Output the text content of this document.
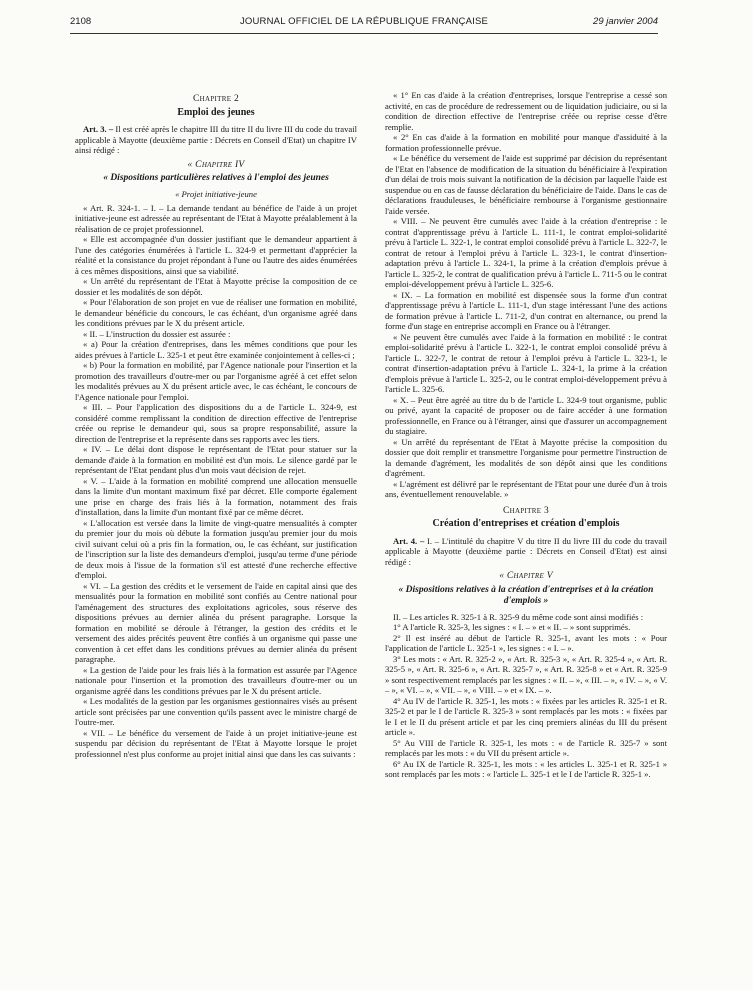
2108	JOURNAL OFFICIEL DE LA RÉPUBLIQUE FRANÇAISE	29 janvier 2004

Chapitre 2

Emploi des jeunes

Art. 3. – Il est créé après le chapitre III du titre II du livre III du code du travail applicable à Mayotte (deuxième partie : Décrets en Conseil d'Etat) un chapitre IV ainsi rédigé :

« Chapitre IV

« Dispositions particulières relatives à l'emploi des jeunes

« Projet initiative-jeune

« Art. R. 324-1. – I. – La demande tendant au bénéfice de l'aide à un projet initiative-jeune est adressée au représentant de l'Etat à Mayotte préalablement à la réalisation de ce projet professionnel.

« Elle est accompagnée d'un dossier justifiant que le demandeur appartient à l'une des catégories énumérées à l'article L. 324-9 et permettant d'apprécier la réalité et la consistance du projet répondant à l'une ou l'autre des aides énumérées à ces mêmes dispositions, ainsi que sa viabilité.

« Un arrêté du représentant de l'Etat à Mayotte précise la composition de ce dossier et les modalités de son dépôt.

« Pour l'élaboration de son projet en vue de réaliser une formation en mobilité, le demandeur bénéficie du concours, le cas échéant, d'un organisme agréé dans les conditions prévues par le X du présent article.

« II. – L'instruction du dossier est assurée :

« a) Pour la création d'entreprises, dans les mêmes conditions que pour les aides prévues à l'article L. 325-1 et peut être examinée conjointement à celles-ci ;

« b) Pour la formation en mobilité, par l'Agence nationale pour l'insertion et la promotion des travailleurs d'outre-mer ou par l'organisme agréé à cet effet selon les modalités prévues au X du présent article avec, le cas échéant, le concours de l'Agence nationale pour l'emploi.

« III. – Pour l'application des dispositions du a de l'article L. 324-9, est considéré comme remplissant la condition de direction effective de l'entreprise créée ou reprise le demandeur qui, sous sa propre responsabilité, assure la direction de l'entreprise et la représente dans ses rapports avec les tiers.

« IV. – Le délai dont dispose le représentant de l'Etat pour statuer sur la demande d'aide à la formation en mobilité est d'un mois. Le silence gardé par le représentant de l'Etat pendant plus d'un mois vaut décision de rejet.

« V. – L'aide à la formation en mobilité comprend une allocation mensuelle dans la limite d'un montant maximum fixé par décret. Elle comporte également une prise en charge des frais liés à la formation, notamment des frais d'installation, dans la limite d'un montant fixé par ce même décret.

« L'allocation est versée dans la limite de vingt-quatre mensualités à compter du premier jour du mois où débute la formation jusqu'au premier jour du mois civil suivant celui où a pris fin la formation, ou, le cas échéant, sur justification de l'inscription sur la liste des demandeurs d'emploi, jusqu'au terme d'une période de deux mois à l'issue de la formation s'il est attesté d'une recherche effective d'emploi.

« VI. – La gestion des crédits et le versement de l'aide en capital ainsi que des mensualités pour la formation en mobilité sont confiés au Centre national pour l'aménagement des structures des exploitations agricoles, sous réserve des dispositions prévues au dernier alinéa du présent paragraphe. Lorsque la formation en mobilité se déroule à l'étranger, la gestion des crédits et le versement des aides précités peuvent être confiés à un organisme qui passe une convention à cet effet dans les conditions prévues au dernier alinéa du présent paragraphe.

« La gestion de l'aide pour les frais liés à la formation est assurée par l'Agence nationale pour l'insertion et la promotion des travailleurs d'outre-mer ou un organisme agréé dans les conditions prévues par le X du présent article.

« Les modalités de la gestion par les organismes gestionnaires visés au présent article sont précisées par une convention qu'ils passent avec le ministre chargé de l'outre-mer.

« VII. – Le bénéfice du versement de l'aide à un projet initiative-jeune est suspendu par décision du représentant de l'Etat à Mayotte lorsque le projet professionnel n'est plus conforme au projet initial ainsi que dans les cas suivants :

« 1° En cas d'aide à la création d'entreprises, lorsque l'entreprise a cessé son activité, en cas de procédure de redressement ou de liquidation judiciaire, ou si la condition de direction effective de l'entreprise créée ou reprise cesse d'être remplie.

« 2° En cas d'aide à la formation en mobilité pour manque d'assiduité à la formation professionnelle prévue.

« Le bénéfice du versement de l'aide est supprimé par décision du représentant de l'Etat en l'absence de modification de la situation du bénéficiaire à l'expiration d'un délai de trois mois suivant la notification de la décision par laquelle l'aide est suspendue ou en cas de fausse déclaration du bénéficiaire de l'aide. Dans le cas de déclarations frauduleuses, le bénéficiaire rembourse à l'organisme gestionnaire l'aide versée.

« VIII. – Ne peuvent être cumulés avec l'aide à la création d'entreprise : le contrat d'apprentissage prévu à l'article L. 111-1, le contrat emploi-solidarité prévu à l'article L. 322-1, le contrat emploi consolidé prévu à l'article L. 322-7, le contrat de retour à l'emploi prévu à l'article L. 323-1, le contrat d'insertion-adaptation prévu à l'article L. 324-1, la prime à la création d'emplois prévue à l'article L. 325-2, le contrat de qualification prévu à l'article L. 711-5 ou le contrat emploi-développement prévu à l'article L. 325-6.

« IX. – La formation en mobilité est dispensée sous la forme d'un contrat d'apprentissage prévu à l'article L. 111-1, d'un stage intéressant l'une des actions de formation prévue à l'article L. 711-2, d'un contrat en alternance, ou prend la forme d'un stage en entreprise accompli en France ou à l'étranger.

« Ne peuvent être cumulés avec l'aide à la formation en mobilité : le contrat emploi-solidarité prévu à l'article L. 322-1, le contrat emploi consolidé prévu à l'article L. 322-7, le contrat de retour à l'emploi prévu à l'article L. 323-1, le contrat d'insertion-adaptation prévu à l'article L. 324-1, la prime à la création d'emplois prévue à l'article L. 325-2, ou le contrat emploi-développement prévu à l'article L. 325-6.

« X. – Peut être agréé au titre du b de l'article L. 324-9 tout organisme, public ou privé, ayant la capacité de proposer ou de faire accéder à une formation professionnelle, en France ou à l'étranger, ainsi que d'assurer un accompagnement du stagiaire.

« Un arrêté du représentant de l'Etat à Mayotte précise la composition du dossier que doit remplir et transmettre l'organisme pour permettre l'instruction de la demande d'agrément, les modalités de son dépôt ainsi que les conditions d'agrément.

« L'agrément est délivré par le représentant de l'Etat pour une durée d'un à trois ans, éventuellement renouvelable. »

Chapitre 3

Création d'entreprises et création d'emplois

Art. 4. – I. – L'intitulé du chapitre V du titre II du livre III du code du travail applicable à Mayotte (deuxième partie : Décrets en Conseil d'Etat) est ainsi rédigé :

« Chapitre V

« Dispositions relatives à la création d'entreprises et à la création d'emplois »

II. – Les articles R. 325-1 à R. 325-9 du même code sont ainsi modifiés :

1° A l'article R. 325-3, les signes : « I. – » et « II. – » sont supprimés.

2° Il est inséré au début de l'article R. 325-1, avant les mots : « Pour l'application de l'article L. 325-1 », les signes : « I. – ».

3° Les mots : « Art. R. 325-2 », « Art. R. 325-3 », « Art. R. 325-4 », « Art. R. 325-5 », « Art. R. 325-6 », « Art. R. 325-7 », « Art. R. 325-8 » et « Art. R. 325-9 » sont respectivement remplacés par les signes : « II. – », « III. – », « IV. – », « V. – », « VI. – », « VII. – », « VIII. – » et « IX. – ».

4° Au IV de l'article R. 325-1, les mots : « fixées par les articles R. 325-1 et R. 325-2 et par le I de l'article R. 325-3 » sont remplacés par les mots : « fixées par le I et le II du présent article et par les cinq premiers alinéas du III du présent article ».

5° Au VIII de l'article R. 325-1, les mots : « de l'article R. 325-7 » sont remplacés par les mots : « du VII du présent article ».

6° Au IX de l'article R. 325-1, les mots : « les articles L. 325-1 et R. 325-1 » sont remplacés par les mots : « l'article L. 325-1 et le I de l'article R. 325-1 ».
